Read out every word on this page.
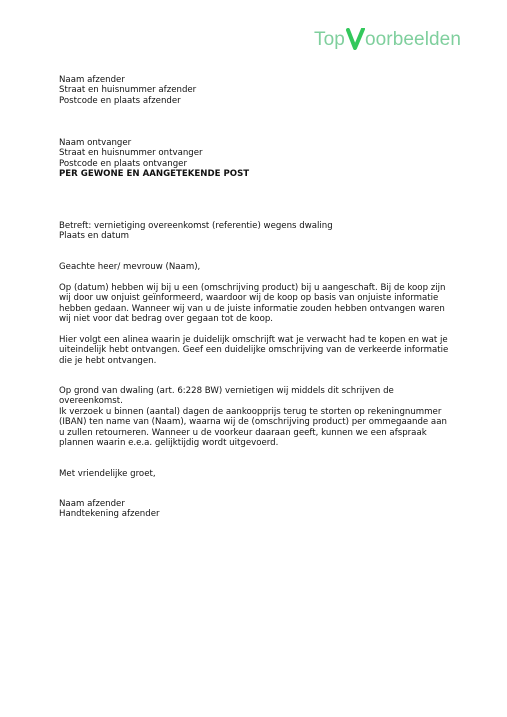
Top oorbeelden
Naam afzender
Straat en huisnummer afzender
Postcode en plaats afzender
Naam ontvanger
Straat en huisnummer ontvanger
Postcode en plaats ontvanger
PER GEWONE EN AANGETEKENDE POST
Betreft: vernietiging overeenkomst (referentie) wegens dwaling
Plaats en datum
Geachte heer/ mevrouw (Naam),
Op (datum) hebben wij bij u een (omschrijving product) bij u aangeschaft. Bij de koop zijn wij door uw onjuist geïnformeerd, waardoor wij de koop op basis van onjuiste informatie hebben gedaan. Wanneer wij van u de juiste informatie zouden hebben ontvangen waren wij niet voor dat bedrag over gegaan tot de koop.
Hier volgt een alinea waarin je duidelijk omschrijft wat je verwacht had te kopen en wat je uiteindelijk hebt ontvangen. Geef een duidelijke omschrijving van de verkeerde informatie die je hebt ontvangen.
Op grond van dwaling (art. 6:228 BW) vernietigen wij middels dit schrijven de overeenkomst.
Ik verzoek u binnen (aantal) dagen de aankoopprijs terug te storten op rekeningnummer (IBAN) ten name van (Naam), waarna wij de (omschrijving product) per ommegaande aan u zullen retourneren. Wanneer u de voorkeur daaraan geeft, kunnen we een afspraak plannen waarin e.e.a. gelijktijdig wordt uitgevoerd.
Met vriendelijke groet,
Naam afzender
Handtekening afzender
